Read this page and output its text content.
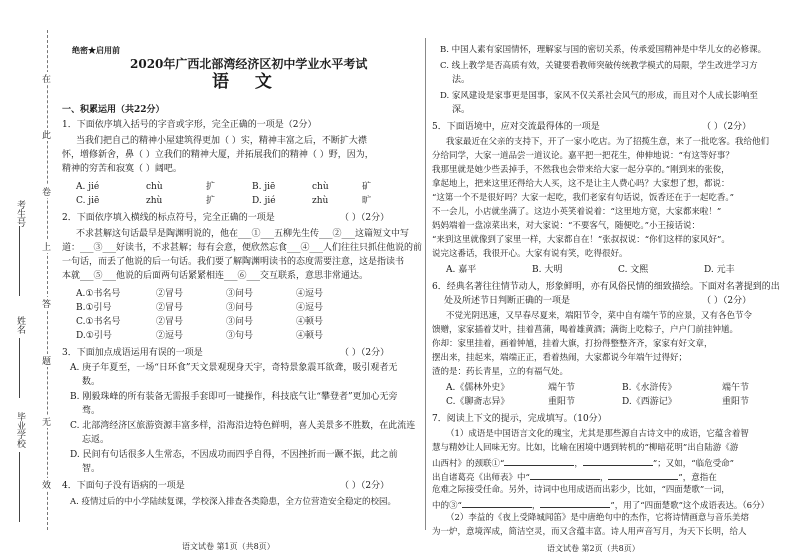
在
此
卷
上
答
题
无
效
考生号
姓名
毕业学校
绝密★启用前
2020年广西北部湾经济区初中学业水平考试
语 文
一、积累运用（共22分）
1．下面依序填入括号的字音或字形，完全正确的一项是（2分）
当我们把自己的精神小屋建筑得更加（ ）实，精神丰富之后，不断扩大襟
怀，增修新舍，鼻（ ）立我们的精神大厦，并拓展我们的精神（ ）野，因为，
精神的穷苦和寂寞（ ）阔吧。
A. jié	chù	扩	B. jiē	chù	矿
C. jiē	zhù	扩	D. jié	zhù	旷
2．下面依序填入横线的标点符号，完全正确的一项是	（ ）（2分）
不求甚解这句话最早是陶渊明说的，他在___①___五柳先生传___②___这篇短文中写
道：___③___好读书，不求甚解；每有会意，便欣然忘食___④___人们往往只抓住他说的前
一句话，而丢了他说的后一句话。我们要了解陶渊明读书的态度需要注意，这是指读书
本就___⑤___他说的后面两句话紧紧相连___⑥___交互联系，意思非常通达。
A.①书名号	②冒号	③问号	④逗号
B.①引号	②冒号	③问号	④逗号
C.①书名号	②冒号	③问号	④顿号
D.①引号	②逗号	③句号	④顿号
3．下面加点成语运用有误的一项是	（ ）（2分）
A. 庚子年夏至，一场“日环食”天文景观现身天宇，奇特景象震耳欲聋，吸引观者无
数。
B. 刚毅珠峰的所有装备无需报手套即可一键操作，科技底气让“攀登者”更加心无旁
骛。
C. 北部湾经济区旅游资源丰富多样，沿海沿边特色鲜明，喜人美景多不胜数，在此流连
忘返。
D. 民间有句话很多人生常态，不因成功而四乎自得，不因挫折而一蹶不振，此之前
智。
4．下面句子没有语病的一项是	（ ）（2分）
A. 疫情过后的中小学陆续复课，学校深入排查各类隐患，全方位营造安全稳定的校园。
语文试卷 第1页（共8页）
B. 中国人素有家国情怀，理解家与国的密切关系，传承爱国精神是中华儿女的必修课。
C. 线上教学是否高质有效，关键要看教师突破传统教学模式的局限，学生改进学习方
法。
D. 家风建设是家事更是国事，家风不仅关系社会风气的形成，而且对个人成长影响至
深。
5．下面语境中，应对交流最得体的一项是	（ ）（2分）
我家最近在父亲的支持下，开了一家小吃店。为了招揽生意，来了一批吃客。我给他们
分给同学，大家一道品尝一道议论。嘉平把一把花生，伸伸地说：“有这等好事？
我那里就是她少些丢掉手，不然我也会带来给大家一起分享的。”刚到来的张俊，
拿起地上，把来这里还得给大人买，这不是让主人费心吗？大家想了想，都说：
“这第一个不是很好吗？大家一起吃，我们老家有句话说，饭香还在于一起吃香。”
不一会儿，小店就坐满了。这边小英笑着说着：“这里地方宽，大家都来啦！”
妈妈端着一盘凉菜出来，对大家说：“不要客气，随便吃。”小王接话说：
“来到这里就像到了家里一样，大家都自在！”张叔叔说：“你们这样的家风好”。
说完这番话，我很开心。大家有说有笑，吃得很好。
A. 嘉平	B. 大明	C. 文熙	D. 元丰
6．经典名著往往情节动人，形象鲜明，亦有风俗民情的细致描绘。下面对名著提到的出
处及所述节日判断正确的一项是	（ ）（2分）
不觉光阴迅速，又早春尽夏来，端阳节令，菜中自有端午节的应景，又有各色节令
馈赠，家家插着艾叶，挂着菖蒲，喝着雄黄酒；满街上吃粽子，户户门前挂钟馗。
你却：家里挂着，画着钟馗，挂着大旗，打扮得整整齐齐，家家有好文章，
摆出来，挂起来，端端正正，看着热闹，大家都说今年端午过得好；
渣的是：药长青星，立的有福气处。
A.《儒林外史》	端午节	B.《水浒传》	端午节
C.《聊斋志异》	重阳节	D.《西游记》	重阳节
7．阅读上下文的提示，完成填写。（10分）
（1）成语是中国语言文化的瑰宝，尤其是那些源自古诗文中的成语，它蕴含着智
慧与精妙让人回味无穷。比如，比喻在困境中遇到转机的“柳暗花明”出自陆游《游
山西村》的颈联①“	，	”；又如，“临危受命”
出自诸葛亮《出师表》中“	，	”，意指在
危难之际接受任命。另外，诗词中也用成语而出彩少，比如，“四面楚歌”一词，
中的③“	，	”，用了“四面楚歌”这个成语表达。（6分）
（2）李益的《夜上受降城闻笛》是中唐绝句中的杰作，它将诗情画意与音乐美熔
为一炉，意境浑成，简洁空灵，而又含蕴丰富。诗人用声音写月，为天下长明，给人
语文试卷 第2页（共8页）
